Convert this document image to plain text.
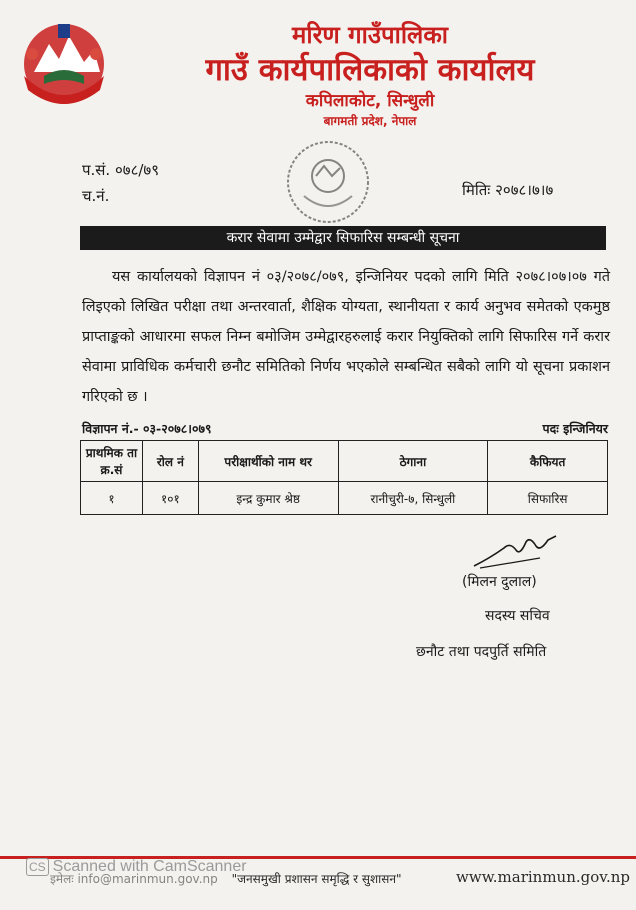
मरिण गाउँपालिका
गाउँ कार्यपालिकाको कार्यालय
कपिलाकोट, सिन्धुली
बागमती प्रदेश, नेपाल
प.सं. ०७८/७९
च.नं.	मितिः २०७८।७।७
करार सेवामा उम्मेद्वार सिफारिस सम्बन्धी सूचना
यस कार्यालयको विज्ञापन नं ०३/२०७८/०७९, इन्जिनियर पदको लागि मिति २०७८।०७।०७ गते लिइएको लिखित परीक्षा तथा अन्तरवार्ता, शैक्षिक योग्यता, स्थानीयता र कार्य अनुभव समेतको एकमुष्ठ प्राप्ताङ्कको आधारमा सफल निम्न बमोजिम उम्मेद्वारहरुलाई करार नियुक्तिको लागि सिफारिस गर्ने करार सेवामा प्राविधिक कर्मचारी छनौट समितिको निर्णय भएकोले सम्बन्धित सबैको लागि यो सूचना प्रकाशन गरिएको छ ।
विज्ञापन नं.- ०३-२०७८।०७९	पदः इन्जिनियर
प्राथमिक ता क्र.सं	रोल नं	परीक्षार्थीको नाम थर	ठेगाना	कैफियत
१	१०१	इन्द्र कुमार श्रेष्ठ	रानीचुरी-७, सिन्धुली	सिफारिस
(मिलन दुलाल)
सदस्य सचिव
छनौट तथा पदपुर्ति समिति
CS Scanned with CamScanner
इमेलः info@marinmun.gov.np "जनसमुखी प्रशासन समृद्धि र सुशासन"	www.marinmun.gov.np
